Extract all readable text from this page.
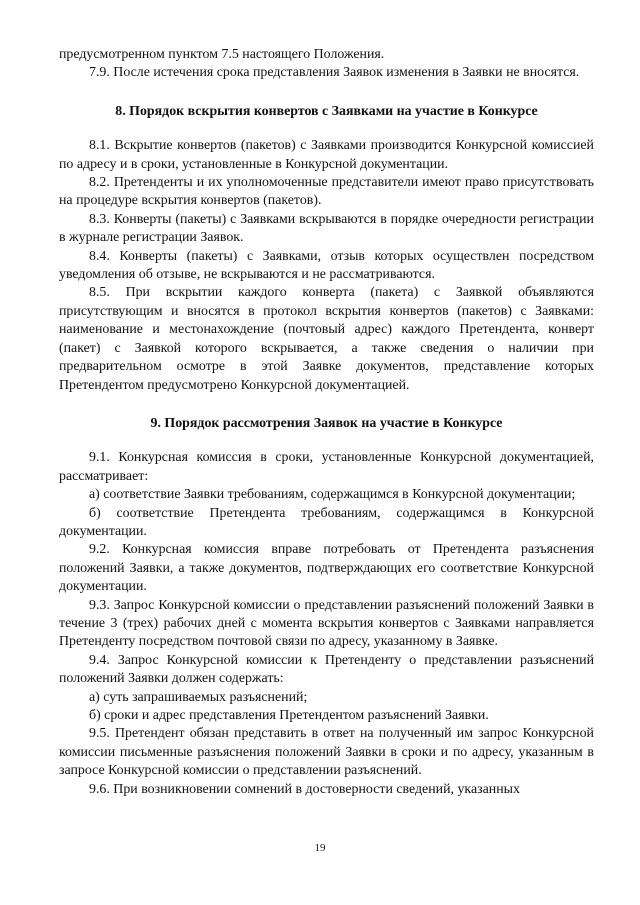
предусмотренном пунктом 7.5 настоящего Положения.

7.9. После истечения срока представления Заявок изменения в Заявки не вносятся.

8. Порядок вскрытия конвертов с Заявками на участие в Конкурсе

8.1. Вскрытие конвертов (пакетов) с Заявками производится Конкурсной комиссией по адресу и в сроки, установленные в Конкурсной документации.

8.2. Претенденты и их уполномоченные представители имеют право присутствовать на процедуре вскрытия конвертов (пакетов).

8.3. Конверты (пакеты) с Заявками вскрываются в порядке очередности регистрации в журнале регистрации Заявок.

8.4. Конверты (пакеты) с Заявками, отзыв которых осуществлен посредством уведомления об отзыве, не вскрываются и не рассматриваются.

8.5. При вскрытии каждого конверта (пакета) с Заявкой объявляются присутствующим и вносятся в протокол вскрытия конвертов (пакетов) с Заявками: наименование и местонахождение (почтовый адрес) каждого Претендента, конверт (пакет) с Заявкой которого вскрывается, а также сведения о наличии при предварительном осмотре в этой Заявке документов, представление которых Претендентом предусмотрено Конкурсной документацией.

9. Порядок рассмотрения Заявок на участие в Конкурсе

9.1. Конкурсная комиссия в сроки, установленные Конкурсной документацией, рассматривает:

а) соответствие Заявки требованиям, содержащимся в Конкурсной документации;

б) соответствие Претендента требованиям, содержащимся в Конкурсной документации.

9.2. Конкурсная комиссия вправе потребовать от Претендента разъяснения положений Заявки, а также документов, подтверждающих его соответствие Конкурсной документации.

9.3. Запрос Конкурсной комиссии о представлении разъяснений положений Заявки в течение 3 (трех) рабочих дней с момента вскрытия конвертов с Заявками направляется Претенденту посредством почтовой связи по адресу, указанному в Заявке.

9.4. Запрос Конкурсной комиссии к Претенденту о представлении разъяснений положений Заявки должен содержать:

а) суть запрашиваемых разъяснений;

б) сроки и адрес представления Претендентом разъяснений Заявки.

9.5. Претендент обязан представить в ответ на полученный им запрос Конкурсной комиссии письменные разъяснения положений Заявки в сроки и по адресу, указанным в запросе Конкурсной комиссии о представлении разъяснений.

9.6. При возникновении сомнений в достоверности сведений, указанных

19
